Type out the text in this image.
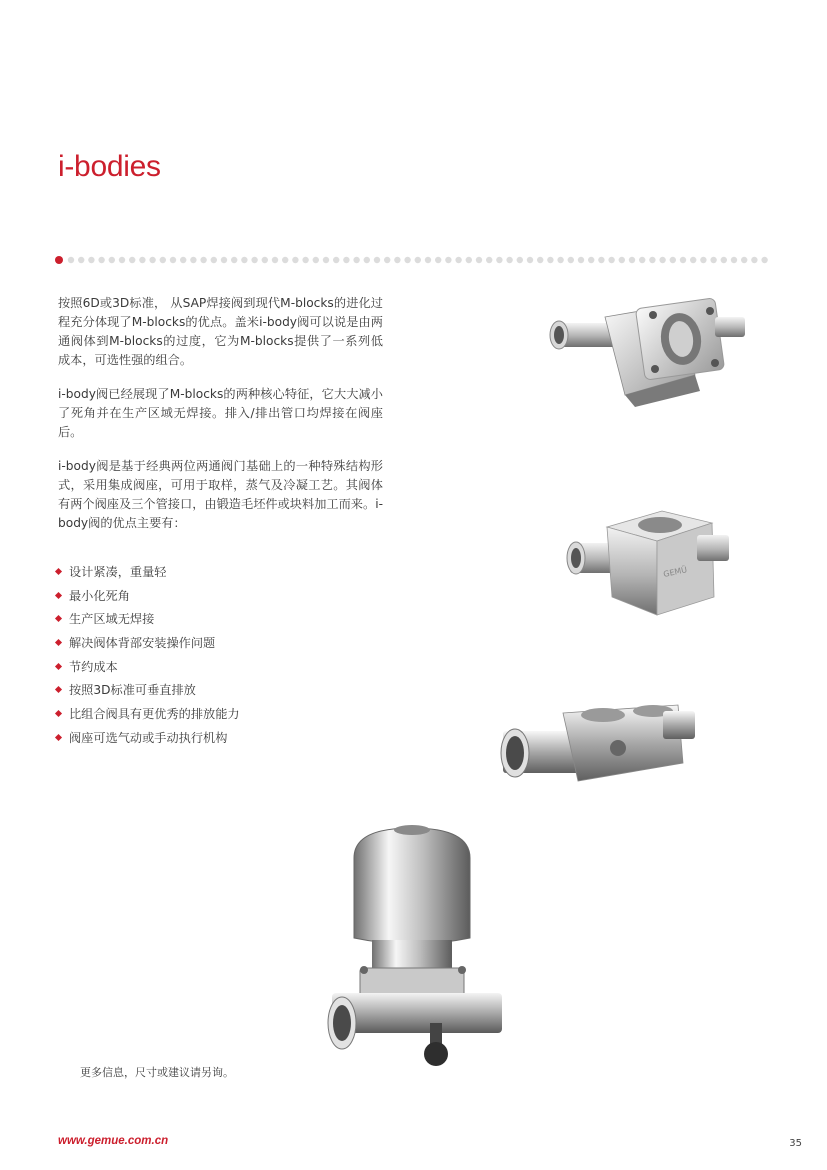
i-bodies
按照6D或3D标准， 从SAP焊接阀到现代M-blocks的进化过程充分体现了M-blocks的优点。盖米i-body阀可以说是由两通阀体到M-blocks的过度，它为M-blocks提供了一系列低成本，可选性强的组合。
i-body阀已经展现了M-blocks的两种核心特征，它大大减小了死角并在生产区域无焊接。排入/排出管口均焊接在阀座后。
i-body阀是基于经典两位两通阀门基础上的一种特殊结构形式，采用集成阀座，可用于取样，蒸气及冷凝工艺。其阀体有两个阀座及三个管接口，由锻造毛坯件或块料加工而来。i-body阀的优点主要有：
设计紧凑，重量轻
最小化死角
生产区域无焊接
解决阀体背部安装操作问题
节约成本
按照3D标准可垂直排放
比组合阀具有更优秀的排放能力
阀座可选气动或手动执行机构
GEMÜ
更多信息，尺寸或建议请另询。
www.gemue.com.cn	35
